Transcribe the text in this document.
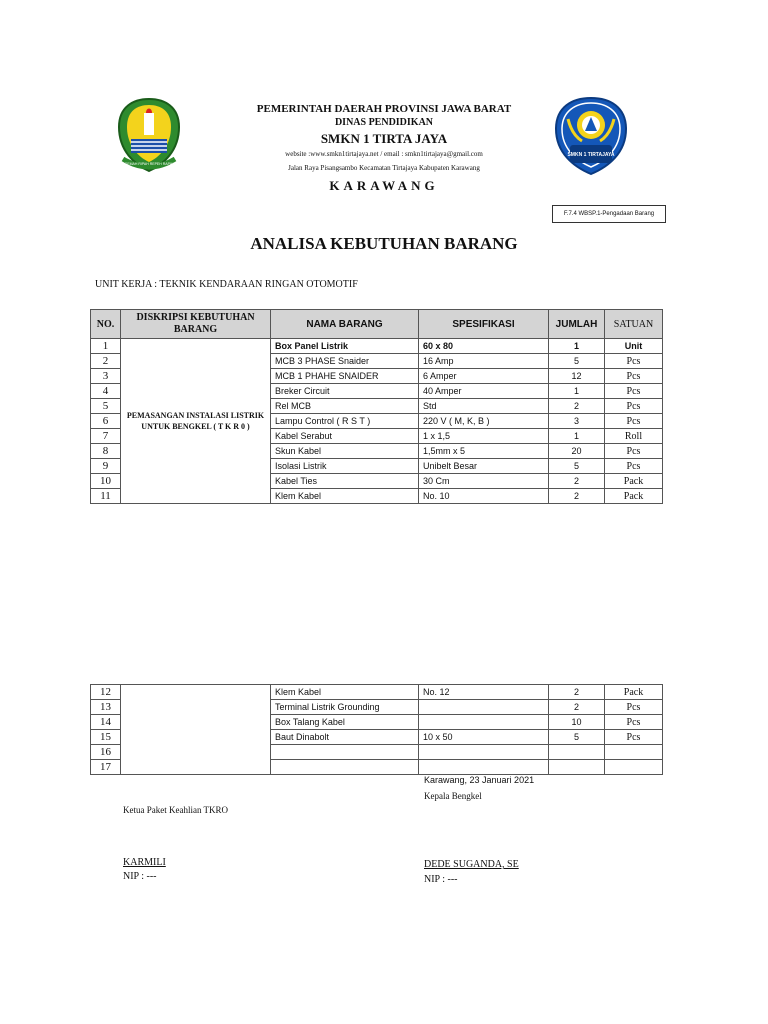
GEMAH RIPAH REPEH RAPIH
SMKN 1 TIRTAJAYA
PEMERINTAH DAERAH PROVINSI JAWA BARAT
DINAS PENDIDIKAN
SMKN 1 TIRTA JAYA
website :www.smkn1tirtajaya.net / email : smkn1tirtajaya@gmail.com
Jalan Raya Pisangsambo Kecamatan Tirtajaya Kabupaten Karawang
KARAWANG
F.7.4 WBSP.1-Pengadaan Barang
ANALISA KEBUTUHAN BARANG
UNIT KERJA : TEKNIK KENDARAAN RINGAN OTOMOTIF
NO.	DISKRIPSI KEBUTUHAN BARANG	NAMA BARANG	SPESIFIKASI	JUMLAH	SATUAN
1	PEMASANGAN INSTALASI LISTRIK UNTUK BENGKEL ( T K R 0 )	Box Panel Listrik	60 x 80	1	Unit
2		MCB 3 PHASE Snaider	16 Amp	5	Pcs
3		MCB 1 PHAHE SNAIDER	6 Amper	12	Pcs
4		Breker Circuit	40 Amper	1	Pcs
5		Rel MCB	Std	2	Pcs
6		Lampu Control ( R S T )	220 V ( M, K, B )	3	Pcs
7		Kabel Serabut	1 x 1,5	1	Roll
8		Skun Kabel	1,5mm x 5	20	Pcs
9		Isolasi Listrik	Unibelt Besar	5	Pcs
10		Kabel Ties	30 Cm	2	Pack
11		Klem Kabel	No. 10	2	Pack
12		Klem Kabel	No. 12	2	Pack
13		Terminal Listrik Grounding		2	Pcs
14		Box Talang Kabel		10	Pcs
15		Baut Dinabolt	10 x 50	5	Pcs
16					
17					
Karawang, 23 Januari 2021
Kepala Bengkel
Ketua Paket Keahlian TKRO
KARMILI
NIP : ---
DEDE SUGANDA, SE
NIP : ---
